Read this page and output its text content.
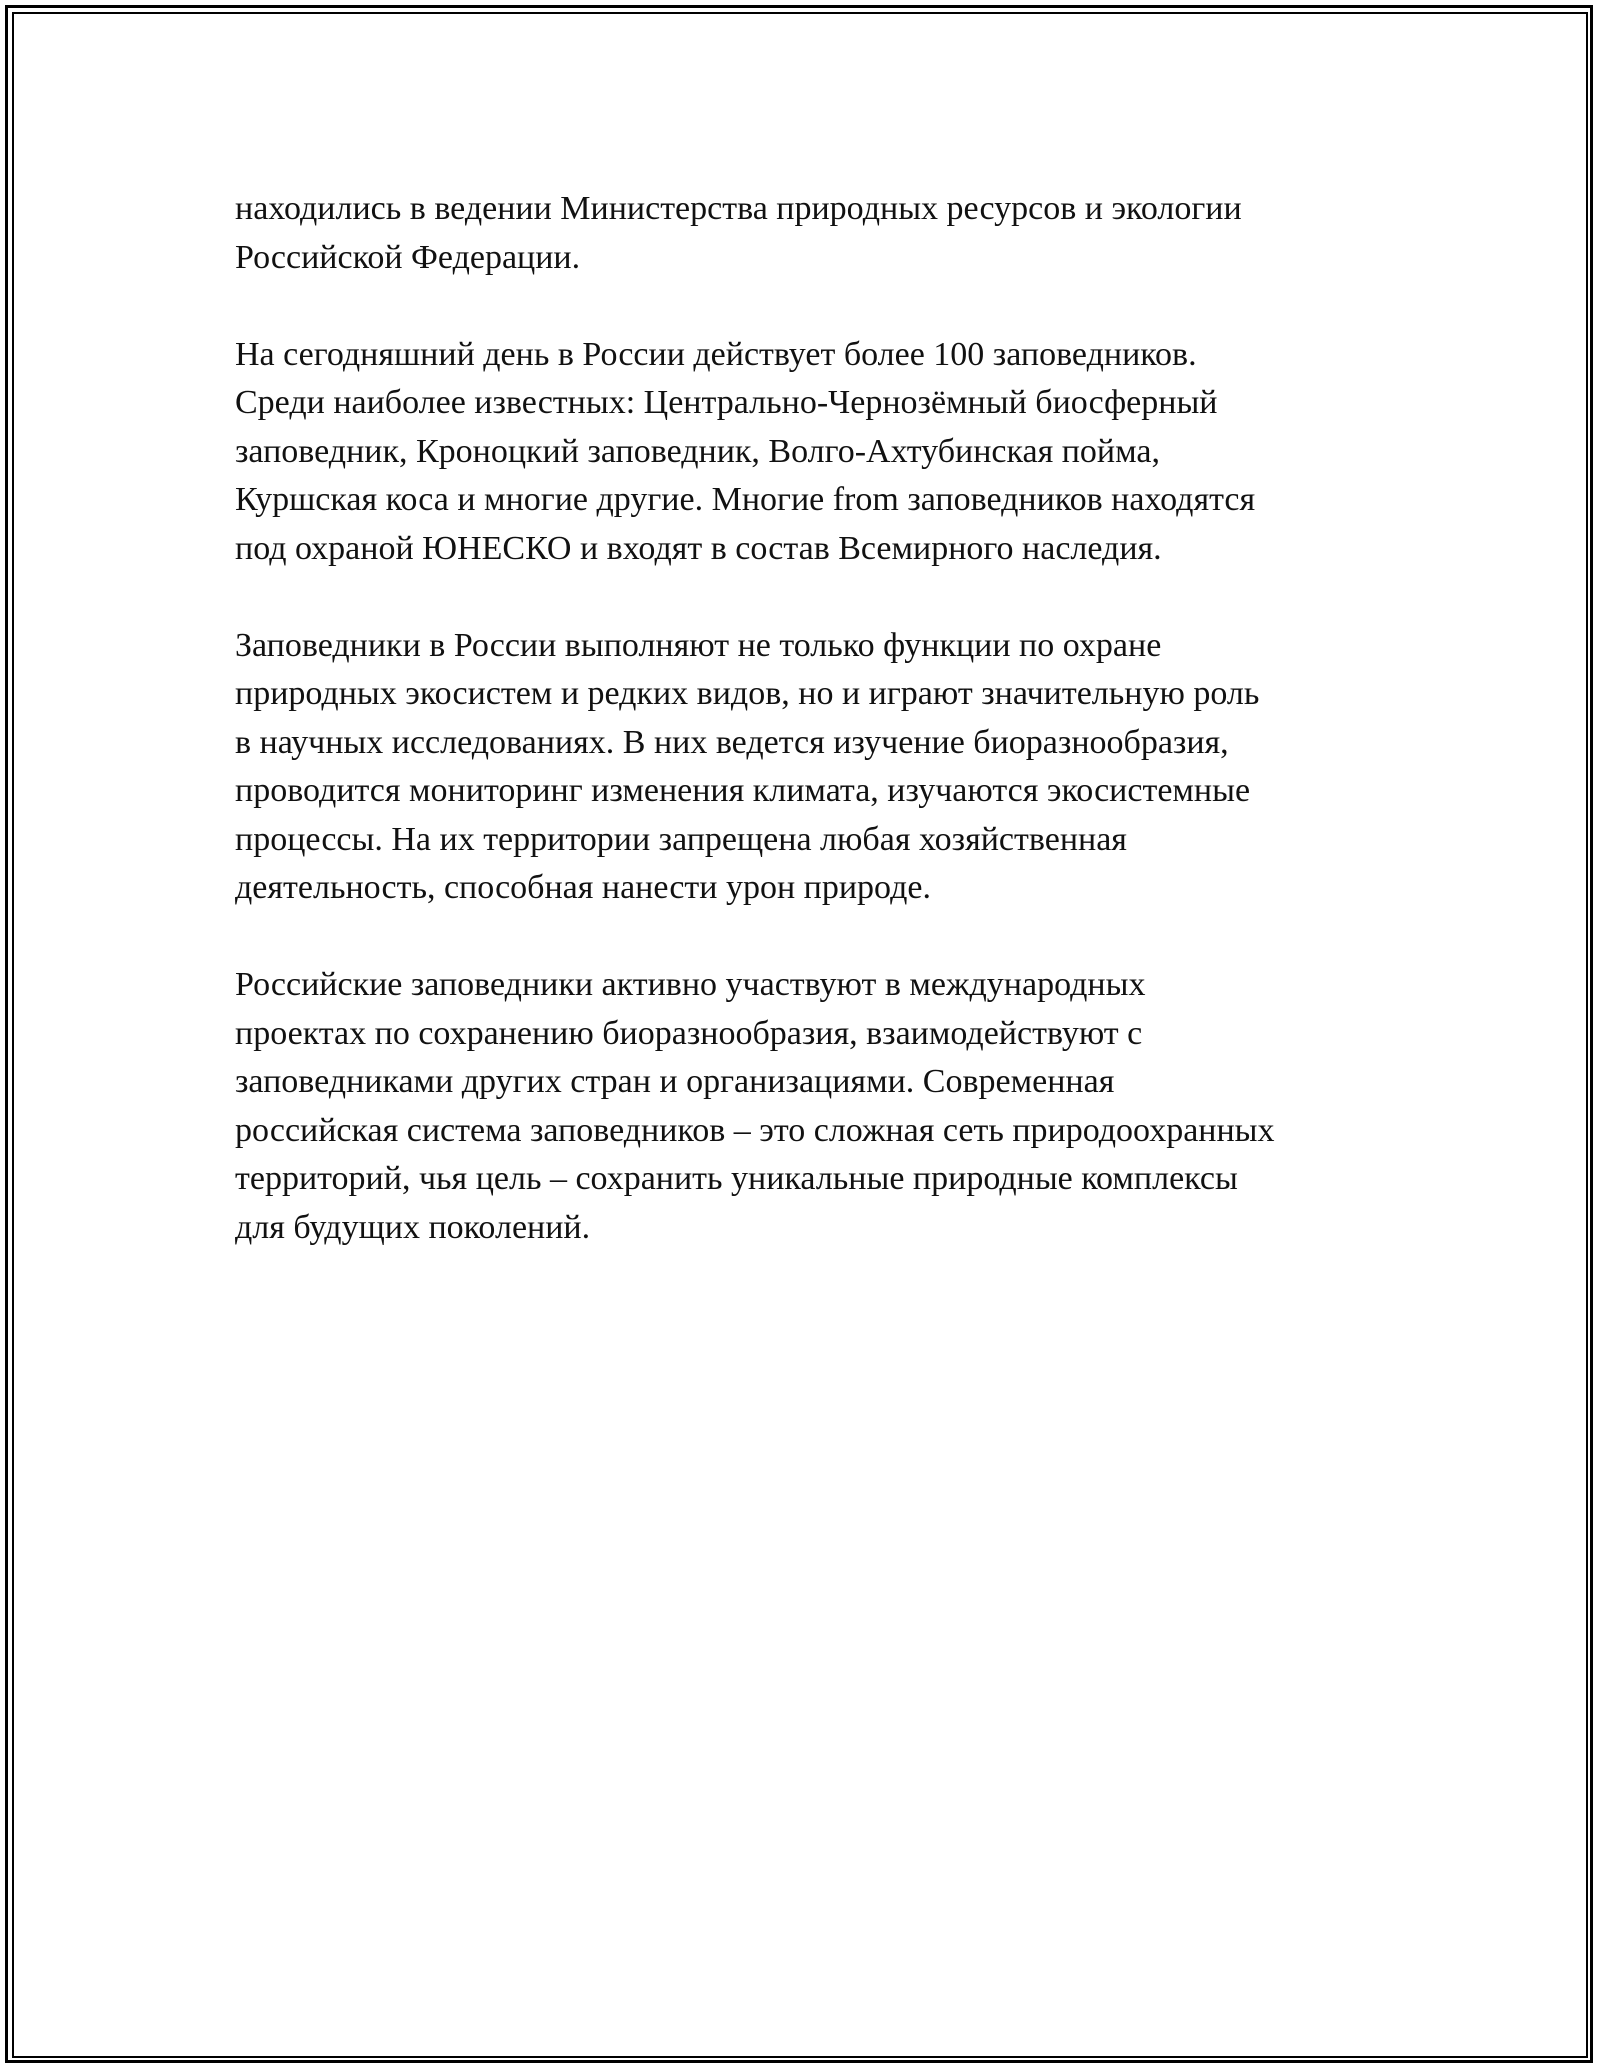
находились в ведении Министерства природных ресурсов и экологии
Российской Федерации.

На сегодняшний день в России действует более 100 заповедников.
Среди наиболее известных: Центрально-Чернозёмный биосферный
заповедник, Кроноцкий заповедник, Волго-Ахтубинская пойма,
Куршская коса и многие другие. Многие from заповедников находятся
под охраной ЮНЕСКО и входят в состав Всемирного наследия.

Заповедники в России выполняют не только функции по охране
природных экосистем и редких видов, но и играют значительную роль
в научных исследованиях. В них ведется изучение биоразнообразия,
проводится мониторинг изменения климата, изучаются экосистемные
процессы. На их территории запрещена любая хозяйственная
деятельность, способная нанести урон природе.

Российские заповедники активно участвуют в международных
проектах по сохранению биоразнообразия, взаимодействуют с
заповедниками других стран и организациями. Современная
российская система заповедников – это сложная сеть природоохранных
территорий, чья цель – сохранить уникальные природные комплексы
для будущих поколений.
